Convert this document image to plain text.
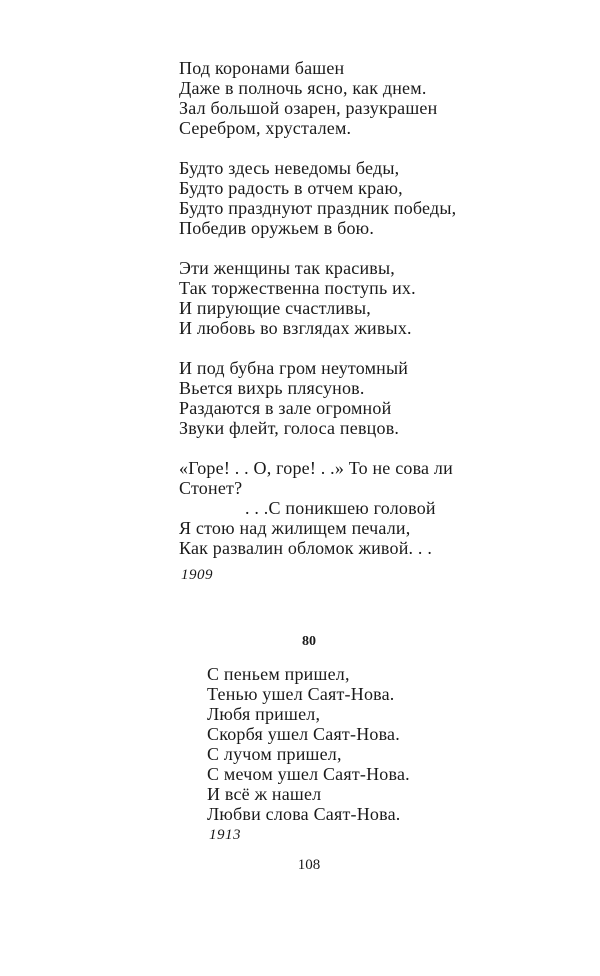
Под коронами башен
Даже в полночь ясно, как днем.
Зал большой озарен, разукрашен
Серебром, хрусталем.
Будто здесь неведомы беды,
Будто радость в отчем краю,
Будто празднуют праздник победы,
Победив оружьем в бою.
Эти женщины так красивы,
Так торжественна поступь их.
И пирующие счастливы,
И любовь во взглядах живых.
И под бубна гром неутомный
Вьется вихрь плясунов.
Раздаются в зале огромной
Звуки флейт, голоса певцов.
«Горе! . . О, горе! . .» То не сова ли
Стонет?
. . .С поникшею головой
Я стою над жилищем печали,
Как развалин обломок живой. . .
1909
80
С пеньем пришел,
Тенью ушел Саят-Нова.
Любя пришел,
Скорбя ушел Саят-Нова.
С лучом пришел,
С мечом ушел Саят-Нова.
И всё ж нашел
Любви слова Саят-Нова.
1913
108
